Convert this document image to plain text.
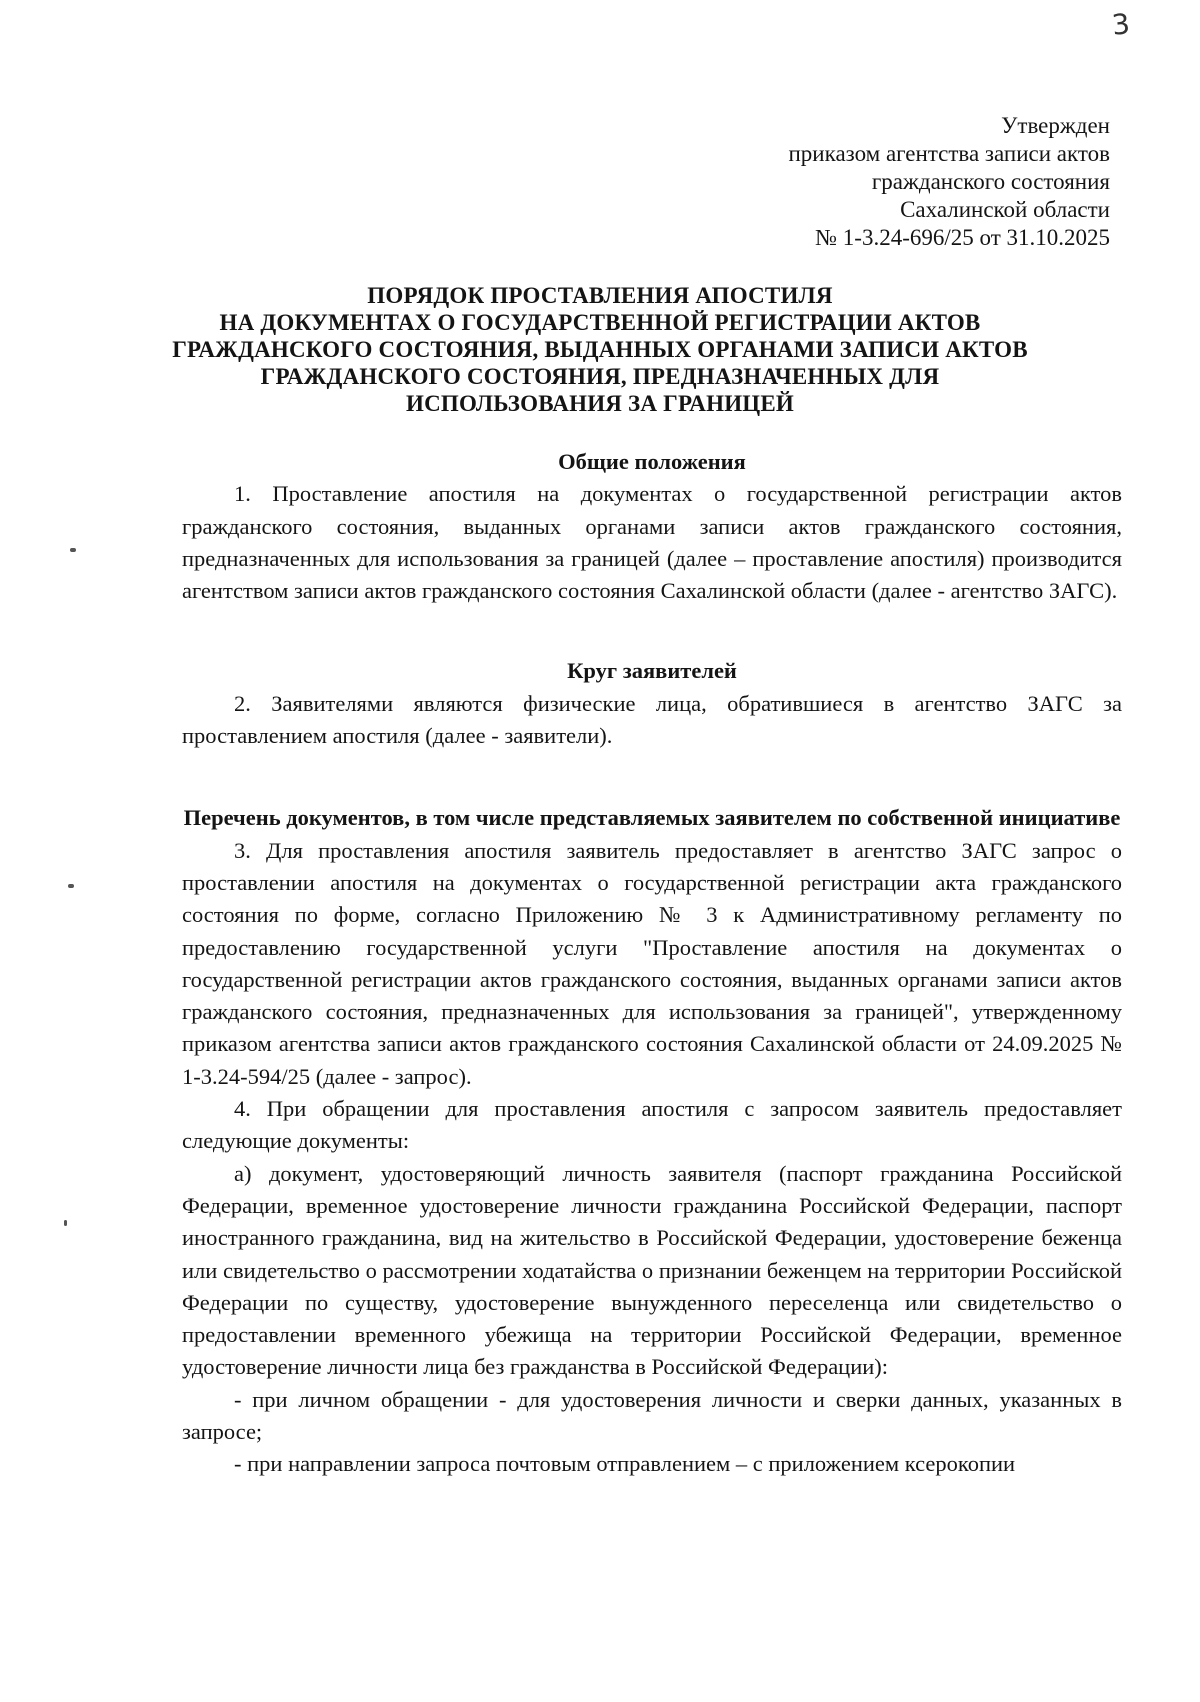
3
Утвержден
приказом агентства записи актов
гражданского состояния
Сахалинской области
№ 1-3.24-696/25 от 31.10.2025
ПОРЯДОК ПРОСТАВЛЕНИЯ АПОСТИЛЯ
НА ДОКУМЕНТАХ О ГОСУДАРСТВЕННОЙ РЕГИСТРАЦИИ АКТОВ
ГРАЖДАНСКОГО СОСТОЯНИЯ, ВЫДАННЫХ ОРГАНАМИ ЗАПИСИ АКТОВ
ГРАЖДАНСКОГО СОСТОЯНИЯ, ПРЕДНАЗНАЧЕННЫХ ДЛЯ
ИСПОЛЬЗОВАНИЯ ЗА ГРАНИЦЕЙ
Общие положения

1. Проставление апостиля на документах о государственной регистрации актов гражданского состояния, выданных органами записи актов гражданского состояния, предназначенных для использования за границей (далее – проставление апостиля) производится агентством записи актов гражданского состояния Сахалинской области (далее - агентство ЗАГС).

Круг заявителей

2. Заявителями являются физические лица, обратившиеся в агентство ЗАГС за проставлением апостиля (далее - заявители).

Перечень документов, в том числе представляемых заявителем по собственной инициативе

3. Для проставления апостиля заявитель предоставляет в агентство ЗАГС запрос о проставлении апостиля на документах о государственной регистрации акта гражданского состояния по форме, согласно Приложению № 3 к Административному регламенту по предоставлению государственной услуги "Проставление апостиля на документах о государственной регистрации актов гражданского состояния, выданных органами записи актов гражданского состояния, предназначенных для использования за границей", утвержденному приказом агентства записи актов гражданского состояния Сахалинской области от 24.09.2025 № 1-3.24-594/25 (далее - запрос).

4. При обращении для проставления апостиля с запросом заявитель предоставляет следующие документы:

а) документ, удостоверяющий личность заявителя (паспорт гражданина Российской Федерации, временное удостоверение личности гражданина Российской Федерации, паспорт иностранного гражданина, вид на жительство в Российской Федерации, удостоверение беженца или свидетельство о рассмотрении ходатайства о признании беженцем на территории Российской Федерации по существу, удостоверение вынужденного переселенца или свидетельство о предоставлении временного убежища на территории Российской Федерации, временное удостоверение личности лица без гражданства в Российской Федерации):

- при личном обращении - для удостоверения личности и сверки данных, указанных в запросе;

- при направлении запроса почтовым отправлением – с приложением ксерокопии
